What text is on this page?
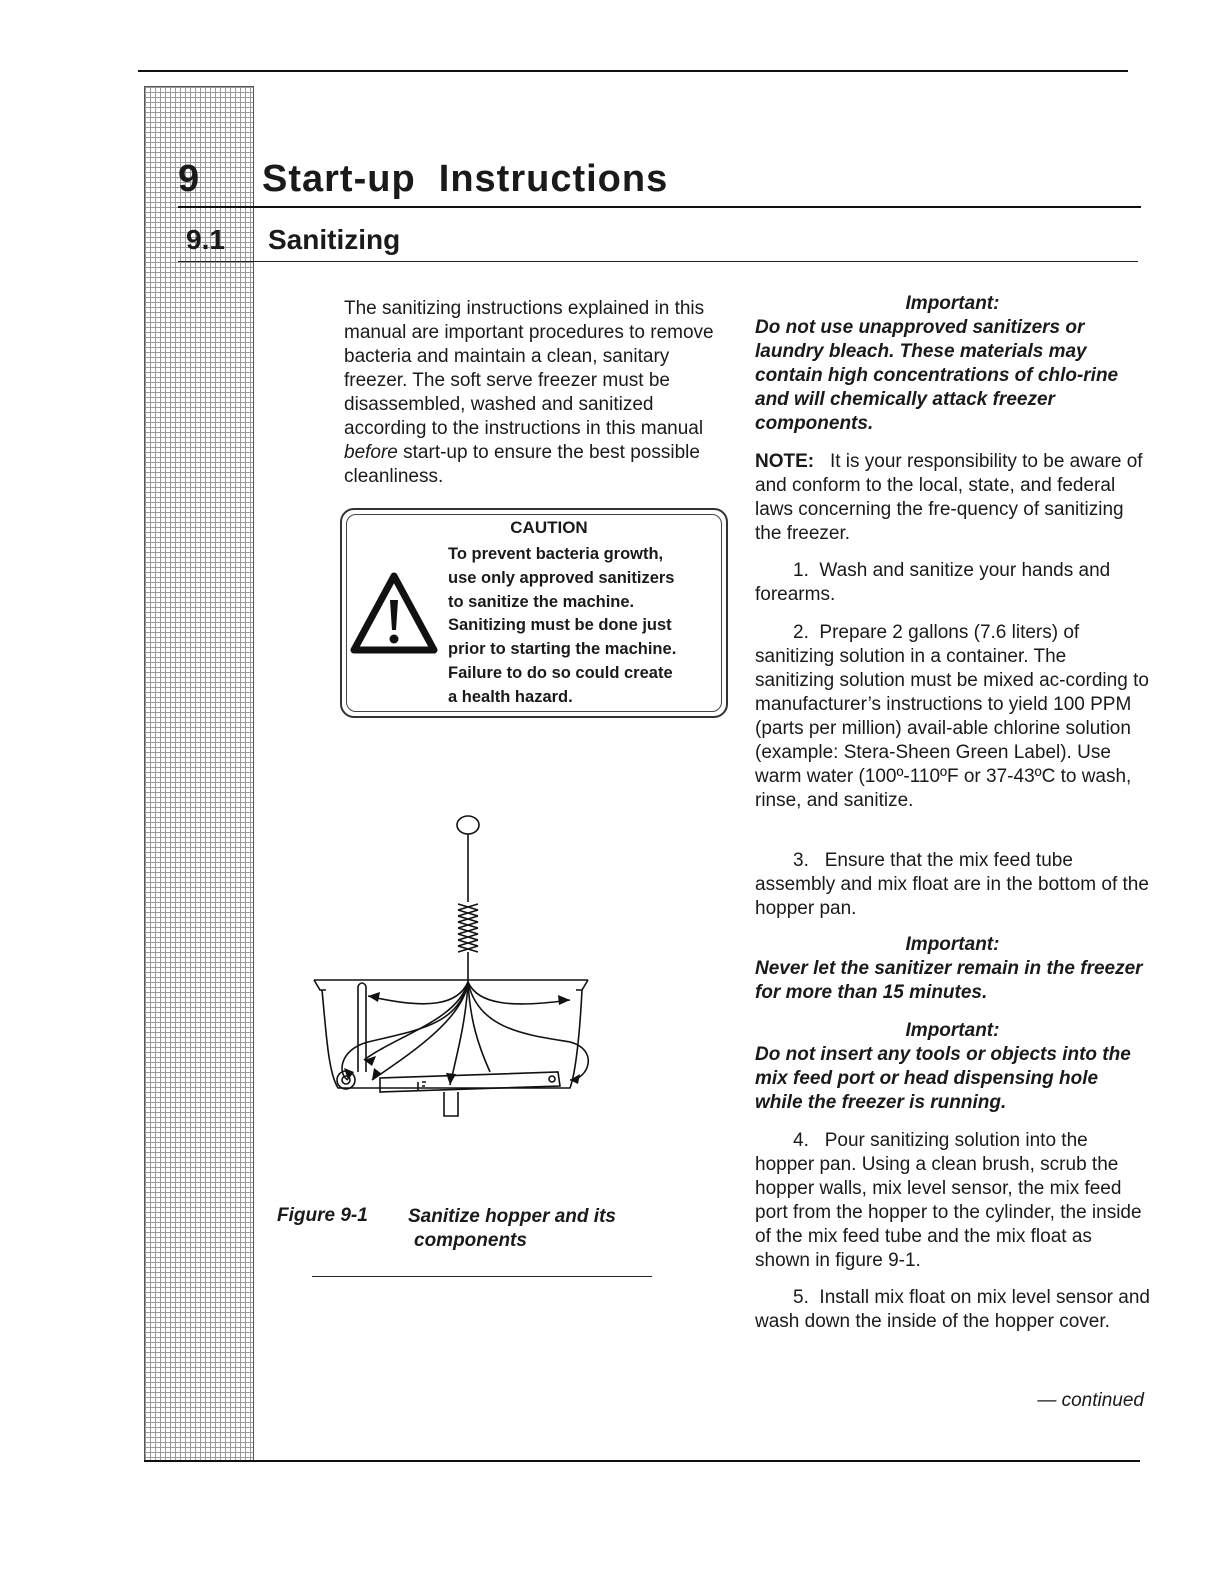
9 Start-up  Instructions
9.1 Sanitizing

The sanitizing instructions explained in this manual are important procedures to remove bacteria and maintain a clean, sanitary freezer. The soft serve freezer must be disassembled, washed and sanitized according to the instructions in this manual before start-up to ensure the best possible cleanliness.

CAUTION

To prevent bacteria growth,
use only approved sanitizers
to sanitize the machine.
Sanitizing must be done just
prior to starting the machine.
Failure to do so could create
a health hazard.

Figure 9-1 Sanitize hopper and its
components
Important:

Do not use unapproved sanitizers or laundry bleach. These materials may contain high concentrations of chlo-rine and will chemically attack freezer components.

NOTE: It is your responsibility to be aware of and conform to the local, state, and federal laws concerning the fre-quency of sanitizing the freezer.

1. Wash and sanitize your hands and forearms.

2. Prepare 2 gallons (7.6 liters) of sanitizing solution in a container. The sanitizing solution must be mixed ac-cording to manufacturer’s instructions to yield 100 PPM (parts per million) avail-able chlorine solution (example: Stera-Sheen Green Label). Use warm water (100º-110ºF or 37-43ºC to wash, rinse, and sanitize.

3. Ensure that the mix feed tube assembly and mix float are in the bottom of the hopper pan.

Important:

Never let the sanitizer remain in the freezer for more than 15 minutes.

Important:

Do not insert any tools or objects into the mix feed port or head dispensing hole while the freezer is running.

4. Pour sanitizing solution into the hopper pan. Using a clean brush, scrub the hopper walls, mix level sensor, the mix feed port from the hopper to the cylinder, the inside of the mix feed tube and the mix float as shown in figure 9-1.

5. Install mix float on mix level sensor and wash down the inside of the hopper cover.

— continued
